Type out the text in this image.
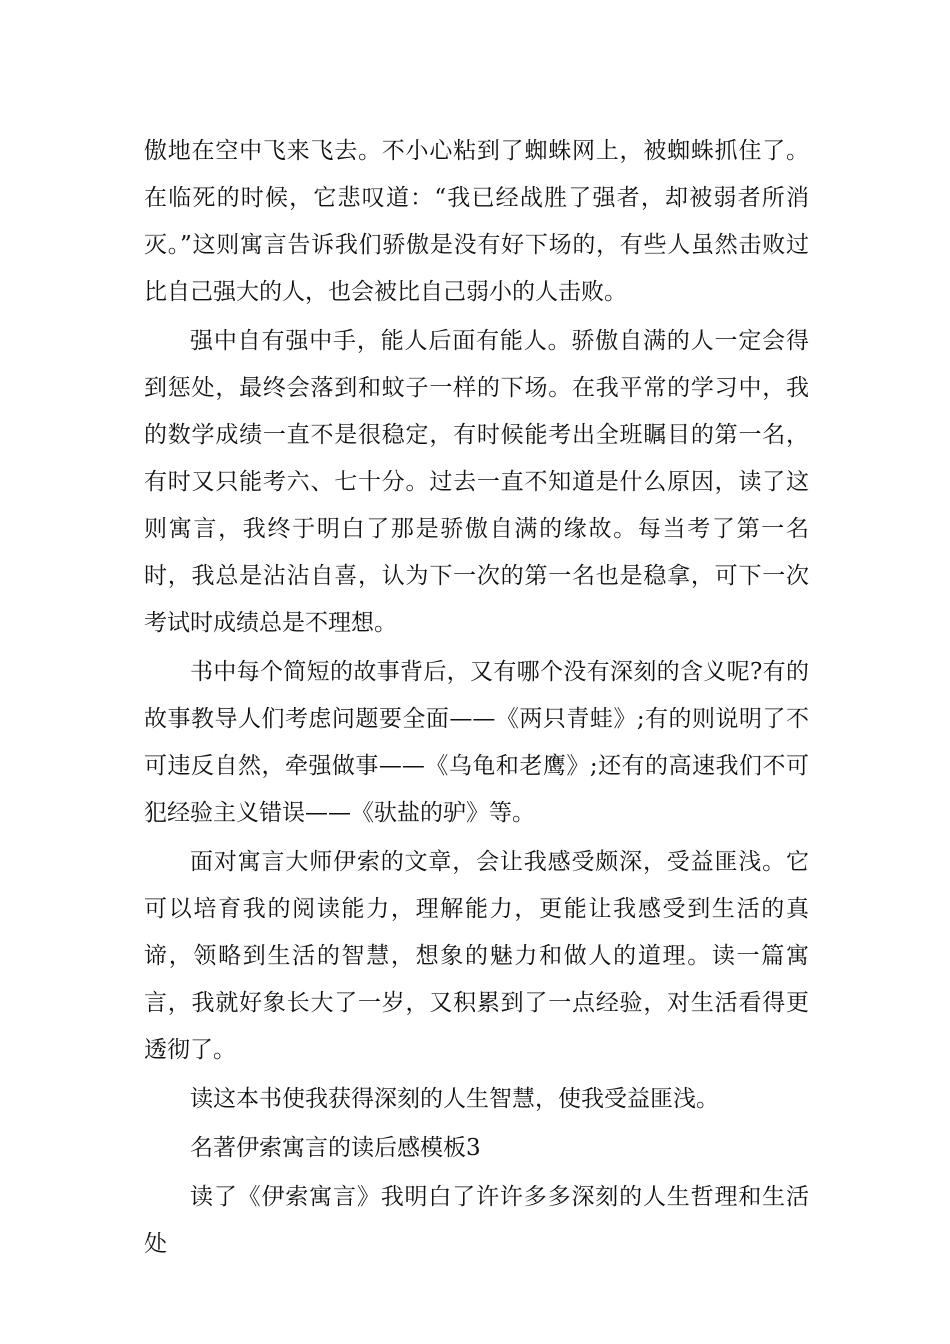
傲地在空中飞来飞去。不小心粘到了蜘蛛网上，被蜘蛛抓住了。在临死的时候，它悲叹道：“我已经战胜了强者，却被弱者所消灭。”这则寓言告诉我们骄傲是没有好下场的，有些人虽然击败过比自己强大的人，也会被比自己弱小的人击败。

强中自有强中手，能人后面有能人。骄傲自满的人一定会得到惩处，最终会落到和蚊子一样的下场。在我平常的学习中，我的数学成绩一直不是很稳定，有时候能考出全班瞩目的第一名，有时又只能考六、七十分。过去一直不知道是什么原因，读了这则寓言，我终于明白了那是骄傲自满的缘故。每当考了第一名时，我总是沾沾自喜，认为下一次的第一名也是稳拿，可下一次考试时成绩总是不理想。

书中每个简短的故事背后，又有哪个没有深刻的含义呢?有的故事教导人们考虑问题要全面——《两只青蛙》;有的则说明了不可违反自然，牵强做事——《乌龟和老鹰》;还有的高速我们不可犯经验主义错误——《驮盐的驴》等。

面对寓言大师伊索的文章，会让我感受颇深，受益匪浅。它可以培育我的阅读能力，理解能力，更能让我感受到生活的真谛，领略到生活的智慧，想象的魅力和做人的道理。读一篇寓言，我就好象长大了一岁，又积累到了一点经验，对生活看得更透彻了。

读这本书使我获得深刻的人生智慧，使我受益匪浅。

名著伊索寓言的读后感模板3

读了《伊索寓言》我明白了许许多多深刻的人生哲理和生活处
